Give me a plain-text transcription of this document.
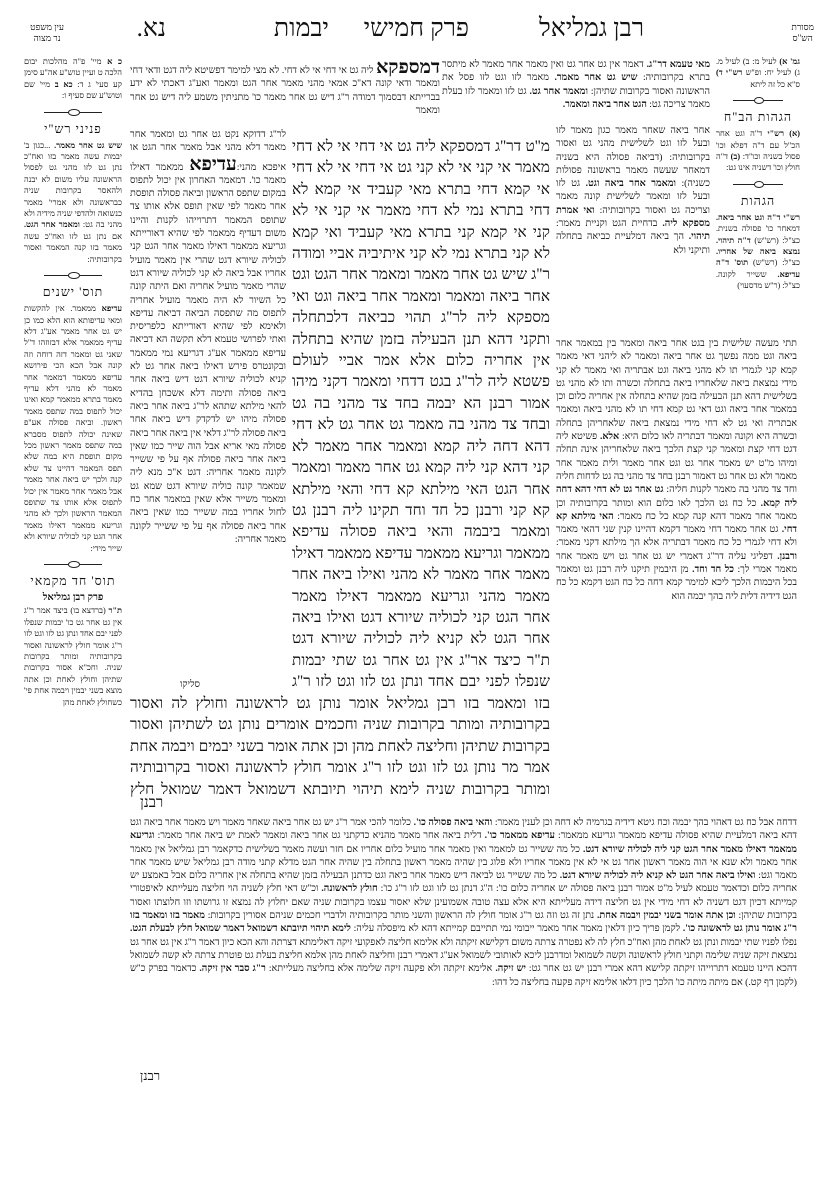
מסורת
הש"ס
רבן גמליאל
פרק חמישי
יבמות
נא.
עין משפט
נר מצוה
מאי טעמא דר"ג. דאמר אין גט אחר גט ואין מאמר אחר מאמר לא מיתסר בתרא בקרובותיה: שיש גט אחר מאמר. מאמר לזו וגט לזו פסל את הראשונה ואסור בקרובות שתיהן: ומאמר אחר גט. גט לזו ומאמר לזו בעלת מאמר צריכה גט: הגט אחר ביאה ומאמר.
אחר ביאה שאחר מאמר כגון מאמר לזו ובעל לזו וגט לשלישית מהני גט ואסור בקרובותיה: (דביאה פסולה היא בשניה דמאחר שעשה מאמר בראשונה פסולות כשניה): ומאמר אחר ביאה וגט. גט לזו ובעל לזו ומאמר לשלישית קונה מאמר וצריכה גט ואסור בקרובותיה: ואי אמרת מספקא ליה. בדחיית הגט וקניית מאמר: תיהוי. הך ביאה דמלעיית כביאה בתחלה ותיקני ולא
תתי מעשה שלישית בין בגט אחר ביאה ומאמר בין במאמר אחר ביאה וגט ממה נפשך גט אחר ביאה ומאמר לא ליהני דאי מאמר קמא קני לגמרי תו לא מהני ביאה וגט אבתריה ואי מאמר לא קני מידי נמצאת ביאה שלאחריו ביאה בתחלה וכשרה ותו לא מהני גט בשלישית דהא תנן הבעילה בזמן שהיא בתחלה אין אחריה כלום וכן במאמר אחר ביאה וגט דאי גט קמא דחי תו לא מהני ביאה ומאמר אבתריה ואי גט לא דחי מידי נמצאת ביאה שלאחריהן בתחלה וכשרה היא וקונה ומאמר דבתריה לאו כלום היא: אלא. פשיטא ליה דגט דחי קצת ומאמר קני קצת הלכך ביאה שלאחריהן אינה תחלה ומיהו מ"ט יש מאמר אחר גט וגט אחר מאמר ולית מאמר אחר מאמר ולא גט אחר גט דאמור רבנן בחד צד מהני בה גט לדחות חליה וחד צד מהני בה מאמר לקנות חליה: גט אחר גט לא דחי דהא דחה ליה קמא. כל כח גט הלכך לאו כלום הוא ומותר בקרובותיה וכן מאמר אחר מאמר דהא קנה קמא כל כח מאמר: האי מילתא קא דחי. גט אחר מאמר דחי מאמר דקמא דהיינו קנין שני דהאי מאמר ולא דחי לגמרי כל כח מאמר דבתריה אלא הך מילתא דקני מאמר: ורבנן. דפליגי עליה דר"ג דאמרי יש גט אחר גט ויש מאמר אחר מאמר אמרי לך: כל חד וחד. מן היבמין תיקנו ליה רבנן גט ומאמר בכל היבמות הלכך ליכא למימר קמא דחה כל כח הגט דקמא כל כח הגט דידיה דלית ליה בהך יבמה הוא
דדחה אבל כח גט דאהוי בהך יבמה וכח גיטא דידיה בגרמיה לא דחה וכן לענין מאמר: והאי ביאה פסולה כו'. כלומר להכי אמר ר"ג יש גט אחר ביאה שאחר מאמר ויש מאמר אחר ביאה וגט דהא ביאה דמלעיית שהיא פסולה עדיפא ממאמר וגריעא ממאמר: עדיפא ממאמר כו'. דלית ביאה אחר מאמר מהניא כדקתני גט אחר ביאה ומאמר לאמת יש ביאה אחר מאמר: וגריעא ממאמר דאילו מאמר אחר הגט קני ליה לכוליה שיורא דגט. כל מה ששייר גט למאמר ואין מאמר אחר מועיל כלום אחריו אם חזר ועשה מאמר בשלישית כדקאמר רבן גמליאל אין מאמר אחר מאמר ולא שנא אי הוה מאמר ראשון אחר גט אי לא אין מאמר אחריו ולא פלוג בין שהיה מאמר ראשון בתחלה בין שהיה אחר הגט מדלא קתני מודה רבן גמליאל שיש מאמר אחר מאמר וגט: ואילו ביאה אחר הגט לא קניא ליה לכוליה שיורא דגט. כל מה ששייר גט לביאה דיש מאמר אחר ביאה וגט כדתנן הבעילה בזמן שהיא בתחלה אין אחריה כלום אבל באמצע יש אחריה כלום וכדאמר טעמא לעיל מ"ט אמור רבנן ביאה פסולה יש אחריה כלום כו': ה"ג דנתן גט לזו וגט לזו ר"ג כו': חולץ לראשונה. וכ"ש דאי חלץ לשניה הוי חליצה מעלייתא לאיפטורי קמייתא דכיון דגט דשניה לא דחי מידי אין גט חליצה דידה מעלייתא היא אלא עצה טובה אשמועינן שלא יאסור עצמו בקרובות שניה שאם יחלוץ לה נמצא זו גרושתו וזו חלוצתו ואסור בקרובות שתיהן: וכן אתה אומר בשני יבמין ויבמה אחת. נתן זה גט וזה גט ר"ג אומר חולץ לה הראשון והשני מותר בקרובותיה ולדברי חכמים שניהם אסורין בקרובות: מאמר בזו ומאמר בזו ר"ג אומר נותן גט לראשונה כו'. לקמן פריך כיון דלאין מאמר אחר מאמר ייבומי נמי תתייבם קמייתא דהא לא מיפסלה עליה: לימא תיהוי תיובתא דשמואל דאמר שמואל חלץ לבעלת הגט. נפלו לפניו שתי יבמות ונתן גט לאחת מהן ואח"כ חלץ לה לא נפטרה צרתה משום דקלישא זיקתה ולא אלימא חליצה לאפקועי זיקה דאלימתא דצרתה והא הכא כיון דאמר ר"ג אין גט אחר גט נמצאת זיקה שניה שלימה וקתני חולץ לראשונה וקשה לשמואל ומדרבנן ליכא לאותובי לשמואל אע"ג דאמרי רבנן וחליצה לאחת מהן אלמא חליצת בעלת גט פוטרת צרתה לא קשה לשמואל דהכא היינו טעמא דתרוייהו זיקתה קלישא דהא אמרי רבנן יש גט אחר גט: יש זיקה. אלימא זיקתה ולא פקעה זיקה שלימה אלא בחליצה מעלייתא: ר"ג סבר אין זיקה. כדאמר בפרק כ"ש (לקמן דף קט.) אם מיתה מיתה כו' הלכך כיון דלאו אלימא זיקה פקעה בחליצה כל דהו:
רבנן
דמספקא ליה גט אי דחי אי לא דחי. לא מצי למימר דפשיטא ליה דגט ודאי דחי ומאמר ודאי קונה דא"כ אמאי מהני מאמר אחר הגט ומאמר ואע"ג דאכתי לא ידע בברייתא דבסמוך דמודה ר"ג דיש גט אחר מאמר כו' מתניתין משמע ליה דיש גט אחר ומאמר
לר"ג דדוקא נקט גט אחר גט ומאמר אחר מאמר דלא מהני אבל מאמר אחר הגט או איפכא מהני:עדיפא ממאמר דאילו מאמר כו'. דמאמר האחרון אין יכול לתפוס במקום שתפס הראשון וביאה פסולה תופסת אחר מאמר לפי שאין תופס אלא אותו צד שתופס המאמר דתרוייהו לקנות והיינו משום דעדיף ממאמר לפי שהיא דאורייתא וגריעא ממאמר דאילו מאמר אחר הגט קני לכוליה שיורא דגט שהרי אין מאמר מועיל אחריו אבל ביאה לא קני לכוליה שיורא דגט שהרי מאמר מועיל אחריה ואם היתה קונה כל השיור לא היה מאמר מועיל אחריה לתפוס מה שתפסה הביאה דביאה עדיפא ולאימא לפי שהיא דאורייתא כלפריסית ואתי לפרושי טעמא דלא תקשה הא דביאה עדיפא ממאמר אע"ג דגריעא נמי ממאמר ובקונטרס פירש דאילו ביאה אחר גט לא קניא לכוליה שיורא דגט דיש ביאה אחר ביאה פסולה ותימה דלא אשכחן בהדיא להאי מילתא שתהא לר"ג ביאה אחר ביאה פסולה מיהו יש לדקדק דיש ביאה אחר ביאה פסולה לר"ג דלאי אין ביאה אחר ביאה פסולה מאי אריא אבל הוה שייר כמו שאין ביאה אחר ביאה פסולה אף על פי ששייר לקונה מאמר אחריה: דגט א"כ מנא ליה שמאמר קונה כוליה שיורא דגט שמא גט ומאמר משייר אלא שאין במאמר אחר כח לחול אחריו במה ששייר כמו שאין ביאה אחר ביאה פסולה אף על פי ששייר לקונה מאמר אחריה:
סליקו
מ"ט דר"ג דמספקא ליה גט אי דחי אי לא דחי מאמר אי קני אי לא קני גט אי דחי אי לא דחי אי קמא דחי בתרא מאי קעביד אי קמא לא דחי בתרא נמי לא דחי מאמר אי קני אי לא קני אי קמא קני בתרא מאי קעביד ואי קמא לא קני בתרא נמי לא קני איתיביה אביי ומודה ר"ג שיש גט אחר מאמר ומאמר אחר הגט וגט אחר ביאה ומאמר ומאמר אחר ביאה וגט ואי מספקא ליה לר"ג תהוי כביאה דלכתחלה ותקני דהא תנן הבעילה בזמן שהיא בתחלה אין אחריה כלום אלא אמר אביי לעולם פשטא ליה לר"ג בגט דדחי ומאמר דקני מיהו אמור רבנן הא יבמה בחד צד מהני בה גט ובחד צד מהני בה מאמר גט אחר גט לא דחי דהא דחה ליה קמא ומאמר אחר מאמר לא קני דהא קני ליה קמא גט אחר מאמר ומאמר אחר הגט האי מילתא קא דחי והאי מילתא קא קני ורבנן כל חד וחד תקינו ליה רבנן גט ומאמר ביבמה והאי ביאה פסולה עדיפא ממאמר וגריעא ממאמר עדיפא ממאמר דאילו מאמר אחר מאמר לא מהני ואילו ביאה אחר מאמר מהני וגריעא ממאמר דאילו מאמר אחר הגט קני לכוליה שיורא דגט ואילו ביאה אחר הגט לא קניא ליה לכוליה שיורא דגט ת"ר כיצד אר"ג אין גט אחר גט שתי יבמות שנפלו לפני יבם אחד ונתן גט לזו וגט לזו ר"ג
בזו ומאמר בזו רבן גמליאל אומר נותן גט לראשונה וחולץ לה ואסור בקרובותיה ומותר בקרובות שניה וחכמים אומרים נותן גט לשתיהן ואסור בקרובות שתיהן וחליצה לאחת מהן וכן אתה אומר בשני יבמים ויבמה אחת אמר מר נותן גט לזו וגט לזו ר"ג אומר חולץ לראשונה ואסור בקרובותיה ומותר בקרובות שניה לימא תיהוי תיובתא דשמואל דאמר שמואל חלץ
רבנן
גמ' א) לעיל מ: ב) לעיל מ. ג) לעיל יח: ופ"ש רש"י ד) ס"א כל זה ליתא
הגהות הב"ח
(א) רש"י ד"ה וגט אחר הכ"ל עם ד"ה דפלא וכו' פסול בשניה וכו"ד: (ב) ד"ה חולץ וכו' דשניה אינו גט:
הגהות
רש"י ד"ה וגט אחר ביאה. דמאחר כו' פסולה בשנית. כצ"ל: (רש"ש) ד"ה תיהוי. נמצא ביאה של אחריו. כצ"ל: (רש"ש) תוס' ד"ה עדיפא. ששייר לקונה. כצ"ל: (ר"ש מדסעוי)
כ א מיי' פ"ה מהלכות יבום הלכה ט ועיין טוש"ע אה"ע סימן קע סעי' ג ד: כא ב מיי' שם וטוש"ע שם סעיף ו:
פניני רש"י
שיש גט אחר מאמר. ...כגון ב' יבמות עשה מאמר בזו ואח"כ נתן גט לזו מהני גט לפסול הראשונה עליו משום לא יבנה ולהאסר בקרובות שניה כבראשונה ולא אמרי' מאמר כנשואה ולהדפי שניה מידיה ולא מהני בה גט: ומאמר אחר הגט. אם נתן גט לזו ואח"כ עשה מאמר בזו קנה המאמר ואסור בקרובותיה:
תוס' ישנים
עדיפא ממאמר. אין להקשות ומאי עדיפותא הוא הלא כמו כן יש גט אחר מאמר אע"ג דלא עדיף ממאמר אלא דבזוזהו ד"ל שאני גט ומאמר דזה דוחה וזה קונה אבל הכא הכי פירושא עדיפא ממאמר דמאמר אחר מאמר לא מהני דלא עדיף מאמר בתרא ממאמר קמא ואינו יכול לתפוס במה שתפס מאמר ראשון. וביאה פסולה אע"פ שאינה יכולה לתפוס מסברא במה שתפס מאמר ראשון מכל מקום תופסת היא במה שלא תפס המאמר דהיינו צד שלא קנה ולכך יש ביאה אחר מאמר אבל מאמר אחר מאמר אין יכול לתפוס אלא אותו צד שתופס המאמר הראשון ולכך לא מהני וגריעא ממאמר דאילו מאמר אחר הגט קני לכוליה שיורא ולא שייר מידי:
תוס' חד מקמאי
פרק רבן גמליאל
ת"ר (ברדצא בו) ביצד אמר ר"ג אין גט אחר גט כו' יבמות שנפלו לפני יבם אחד ונתן גט לזו וגט לזו ר"ג אומר חולץ לראשונה ואסור בקרובותיה ומותר בקרובות שניה. וחכ"א אסור בקרובות שתיהן וחולץ לאחת וכן אתה מוצא בשני יבמין ויבמה אחת פי' כשחולץ לאחת מהן
